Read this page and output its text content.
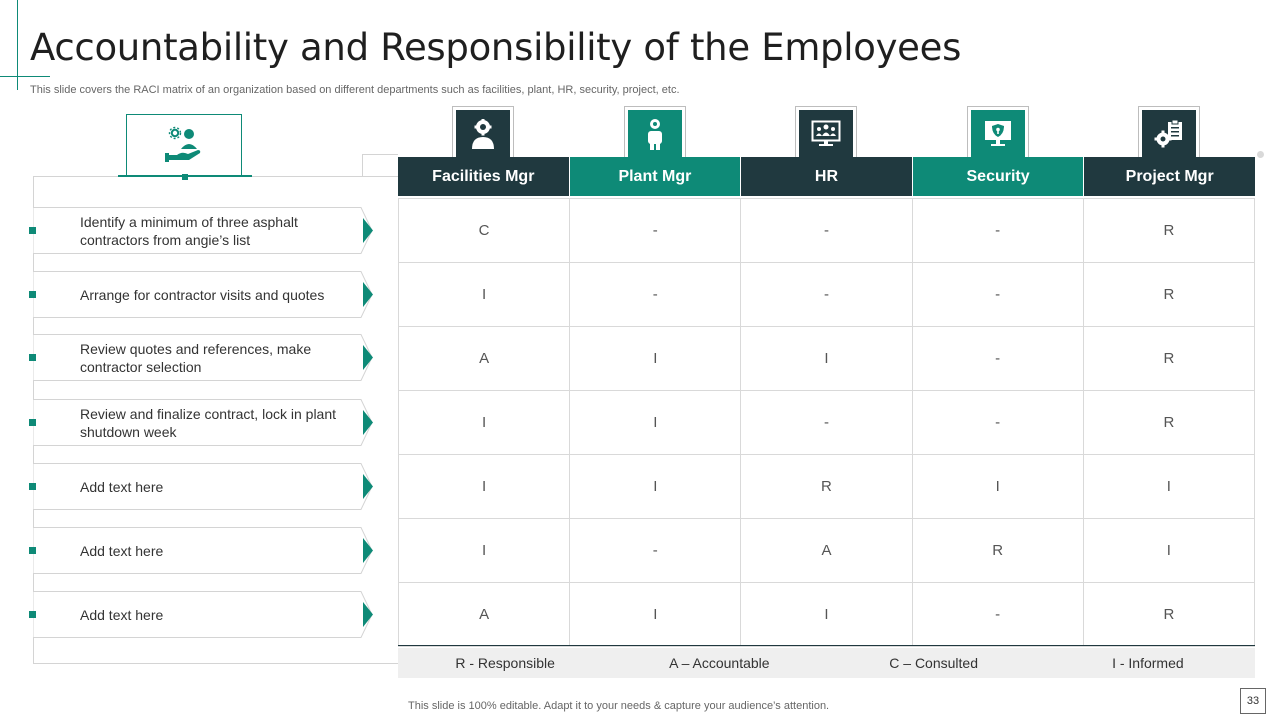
Accountability and Responsibility of the Employees
This slide covers the RACI matrix of an organization based on different departments such as facilities, plant, HR, security, project, etc.
Identify a minimum of three asphalt contractors from angie’s list
Arrange for contractor visits and quotes
Review quotes and references, make contractor selection
Review and finalize contract, lock in plant shutdown week
Add text here
Add text here
Add text here
Facilities Mgr	Plant Mgr	HR	Security	Project Mgr
C	-	-	-	R
I	-	-	-	R
A	I	I	-	R
I	I	-	-	R
I	I	R	I	I
I	-	A	R	I
A	I	I	-	R
R - Responsible	A – Accountable	C – Consulted	I - Informed
This slide is 100% editable. Adapt it to your needs & capture your audience’s attention.	33
